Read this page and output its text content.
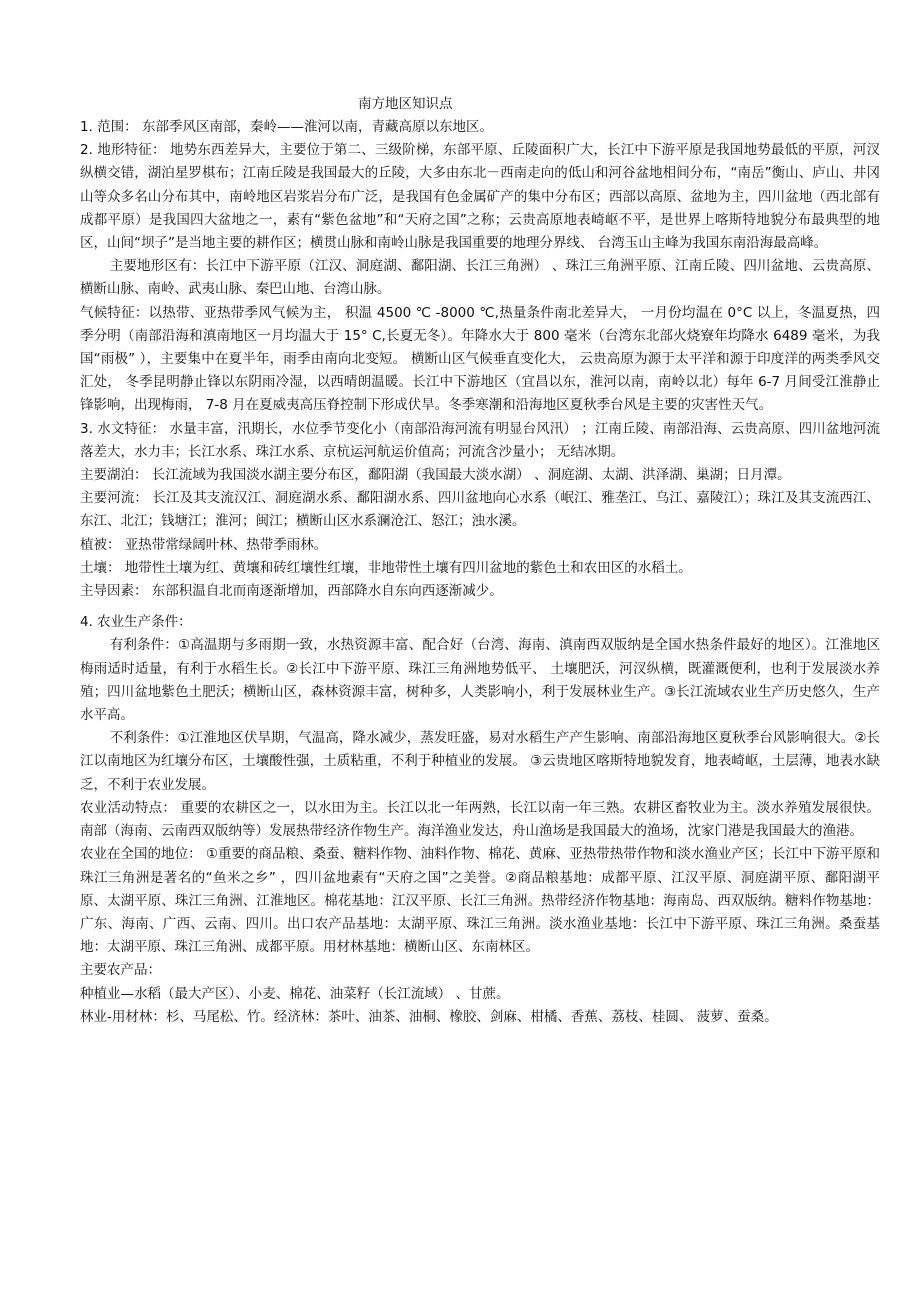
南方地区知识点

1. 范围： 东部季风区南部，秦岭——淮河以南，青藏高原以东地区。

2. 地形特征： 地势东西差异大，主要位于第二、三级阶梯，东部平原、丘陵面积广大，长江中下游平原是我国地势最低的平原，河汊纵横交错，湖泊星罗棋布；江南丘陵是我国最大的丘陵，大多由东北－西南走向的低山和河谷盆地相间分布，“南岳”衡山、庐山、井冈山等众多名山分布其中，南岭地区岩浆岩分布广泛，是我国有色金属矿产的集中分布区；西部以高原、盆地为主，四川盆地（西北部有成都平原）是我国四大盆地之一，素有“紫色盆地”和“天府之国”之称；云贵高原地表崎岖不平，是世界上喀斯特地貌分布最典型的地区，山间“坝子”是当地主要的耕作区；横贯山脉和南岭山脉是我国重要的地理分界线、 台湾玉山主峰为我国东南沿海最高峰。

主要地形区有：长江中下游平原（江汉、洞庭湖、鄱阳湖、长江三角洲） 、珠江三角洲平原、江南丘陵、四川盆地、云贵高原、横断山脉、南岭、武夷山脉、秦巴山地、台湾山脉。

气候特征：以热带、亚热带季风气候为主， 积温 4500 ℃ -8000 ℃,热量条件南北差异大， 一月份均温在 0°C 以上，冬温夏热，四季分明（南部沿海和滇南地区一月均温大于 15° C,长夏无冬）。年降水大于 800 毫米（台湾东北部火烧寮年均降水 6489 毫米，为我国“雨极” ），主要集中在夏半年，雨季由南向北变短。 横断山区气候垂直变化大， 云贵高原为源于太平洋和源于印度洋的两类季风交汇处， 冬季昆明静止锋以东阴雨冷湿，以西晴朗温暖。长江中下游地区（宜昌以东，淮河以南，南岭以北）每年 6-7 月间受江淮静止锋影响，出现梅雨， 7-8 月在夏威夷高压脊控制下形成伏旱。冬季寒潮和沿海地区夏秋季台风是主要的灾害性天气。

3. 水文特征： 水量丰富，汛期长，水位季节变化小（南部沿海河流有明显台风汛） ；江南丘陵、南部沿海、云贵高原、四川盆地河流落差大，水力丰；长江水系、珠江水系、京杭运河航运价值高；河流含沙量小； 无结冰期。

主要湖泊： 长江流域为我国淡水湖主要分布区，鄱阳湖（我国最大淡水湖） 、洞庭湖、太湖、洪泽湖、巢湖；日月潭。

主要河流： 长江及其支流汉江、洞庭湖水系、鄱阳湖水系、四川盆地向心水系（岷江、雅垄江、乌江、嘉陵江）；珠江及其支流西江、东江、北江；钱塘江；淮河；闽江；横断山区水系澜沧江、怒江；浊水溪。

植被： 亚热带常绿阔叶林、热带季雨林。

土壤： 地带性土壤为红、黄壤和砖红壤性红壤，非地带性土壤有四川盆地的紫色土和农田区的水稻土。

主导因素： 东部积温自北而南逐渐增加，西部降水自东向西逐渐减少。

4. 农业生产条件：

有利条件：①高温期与多雨期一致，水热资源丰富、配合好（台湾、海南、滇南西双版纳是全国水热条件最好的地区）。江淮地区梅雨适时适量，有利于水稻生长。②长江中下游平原、珠江三角洲地势低平、 土壤肥沃，河汊纵横，既灌溉便利，也利于发展淡水养殖；四川盆地紫色土肥沃；横断山区，森林资源丰富，树种多，人类影响小，利于发展林业生产。③长江流域农业生产历史悠久，生产水平高。

不利条件：①江淮地区伏旱期，气温高，降水减少，蒸发旺盛，易对水稻生产产生影响、南部沿海地区夏秋季台风影响很大。②长江以南地区为红壤分布区，土壤酸性强，土质粘重，不利于种植业的发展。 ③云贵地区喀斯特地貌发育，地表崎岖，土层薄，地表水缺乏，不利于农业发展。

农业活动特点： 重要的农耕区之一，以水田为主。长江以北一年两熟，长江以南一年三熟。农耕区畜牧业为主。淡水养殖发展很快。南部（海南、云南西双版纳等）发展热带经济作物生产。海洋渔业发达，舟山渔场是我国最大的渔场，沈家门港是我国最大的渔港。

农业在全国的地位： ①重要的商品粮、桑蚕、糖料作物、油料作物、棉花、黄麻、亚热带热带作物和淡水渔业产区；长江中下游平原和珠江三角洲是著名的“鱼米之乡” ，四川盆地素有“天府之国”之美誉。②商品粮基地：成都平原、江汉平原、洞庭湖平原、鄱阳湖平原、太湖平原、珠江三角洲、江淮地区。棉花基地：江汉平原、长江三角洲。热带经济作物基地：海南岛、西双版纳。糖料作物基地：广东、海南、广西、云南、四川。出口农产品基地：太湖平原、珠江三角洲。淡水渔业基地：长江中下游平原、珠江三角洲。桑蚕基地：太湖平原、珠江三角洲、成都平原。用材林基地：横断山区、东南林区。

主要农产品：

种植业—水稻（最大产区）、小麦、棉花、油菜籽（长江流域） 、甘蔗。

林业-用材林：杉、马尾松、竹。经济林：茶叶、油茶、油桐、橡胶、剑麻、柑橘、香蕉、荔枝、桂圆、 菠萝、蚕桑。
